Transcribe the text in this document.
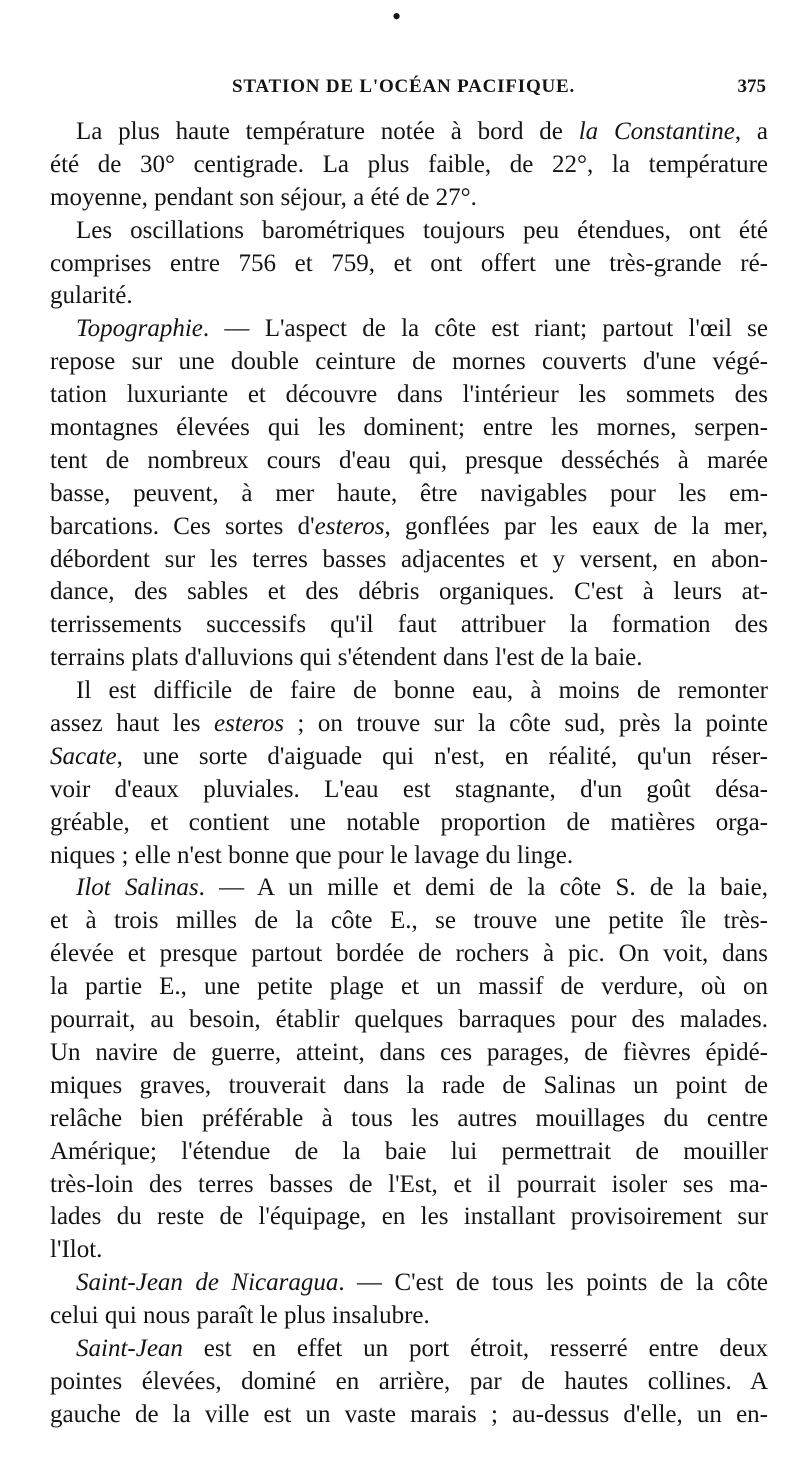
•
STATION DE L'OCÉAN PACIFIQUE.	375
La plus haute température notée à bord de la Constantine, a
été de 30° centigrade. La plus faible, de 22°, la température
moyenne, pendant son séjour, a été de 27°.
Les oscillations barométriques toujours peu étendues, ont été
comprises entre 756 et 759, et ont offert une très-grande ré-
gularité.
Topographie. — L'aspect de la côte est riant; partout l'œil se
repose sur une double ceinture de mornes couverts d'une végé-
tation luxuriante et découvre dans l'intérieur les sommets des
montagnes élevées qui les dominent; entre les mornes, serpen-
tent de nombreux cours d'eau qui, presque desséchés à marée
basse, peuvent, à mer haute, être navigables pour les em-
barcations. Ces sortes d'esteros, gonflées par les eaux de la mer,
débordent sur les terres basses adjacentes et y versent, en abon-
dance, des sables et des débris organiques. C'est à leurs at-
terrissements successifs qu'il faut attribuer la formation des
terrains plats d'alluvions qui s'étendent dans l'est de la baie.
Il est difficile de faire de bonne eau, à moins de remonter
assez haut les esteros ; on trouve sur la côte sud, près la pointe
Sacate, une sorte d'aiguade qui n'est, en réalité, qu'un réser-
voir d'eaux pluviales. L'eau est stagnante, d'un goût désa-
gréable, et contient une notable proportion de matières orga-
niques ; elle n'est bonne que pour le lavage du linge.
Ilot Salinas. — A un mille et demi de la côte S. de la baie,
et à trois milles de la côte E., se trouve une petite île très-
élevée et presque partout bordée de rochers à pic. On voit, dans
la partie E., une petite plage et un massif de verdure, où on
pourrait, au besoin, établir quelques barraques pour des malades.
Un navire de guerre, atteint, dans ces parages, de fièvres épidé-
miques graves, trouverait dans la rade de Salinas un point de
relâche bien préférable à tous les autres mouillages du centre
Amérique; l'étendue de la baie lui permettrait de mouiller
très-loin des terres basses de l'Est, et il pourrait isoler ses ma-
lades du reste de l'équipage, en les installant provisoirement sur
l'Ilot.
Saint-Jean de Nicaragua. — C'est de tous les points de la côte
celui qui nous paraît le plus insalubre.
Saint-Jean est en effet un port étroit, resserré entre deux
pointes élevées, dominé en arrière, par de hautes collines. A
gauche de la ville est un vaste marais ; au-dessus d'elle, un en-
